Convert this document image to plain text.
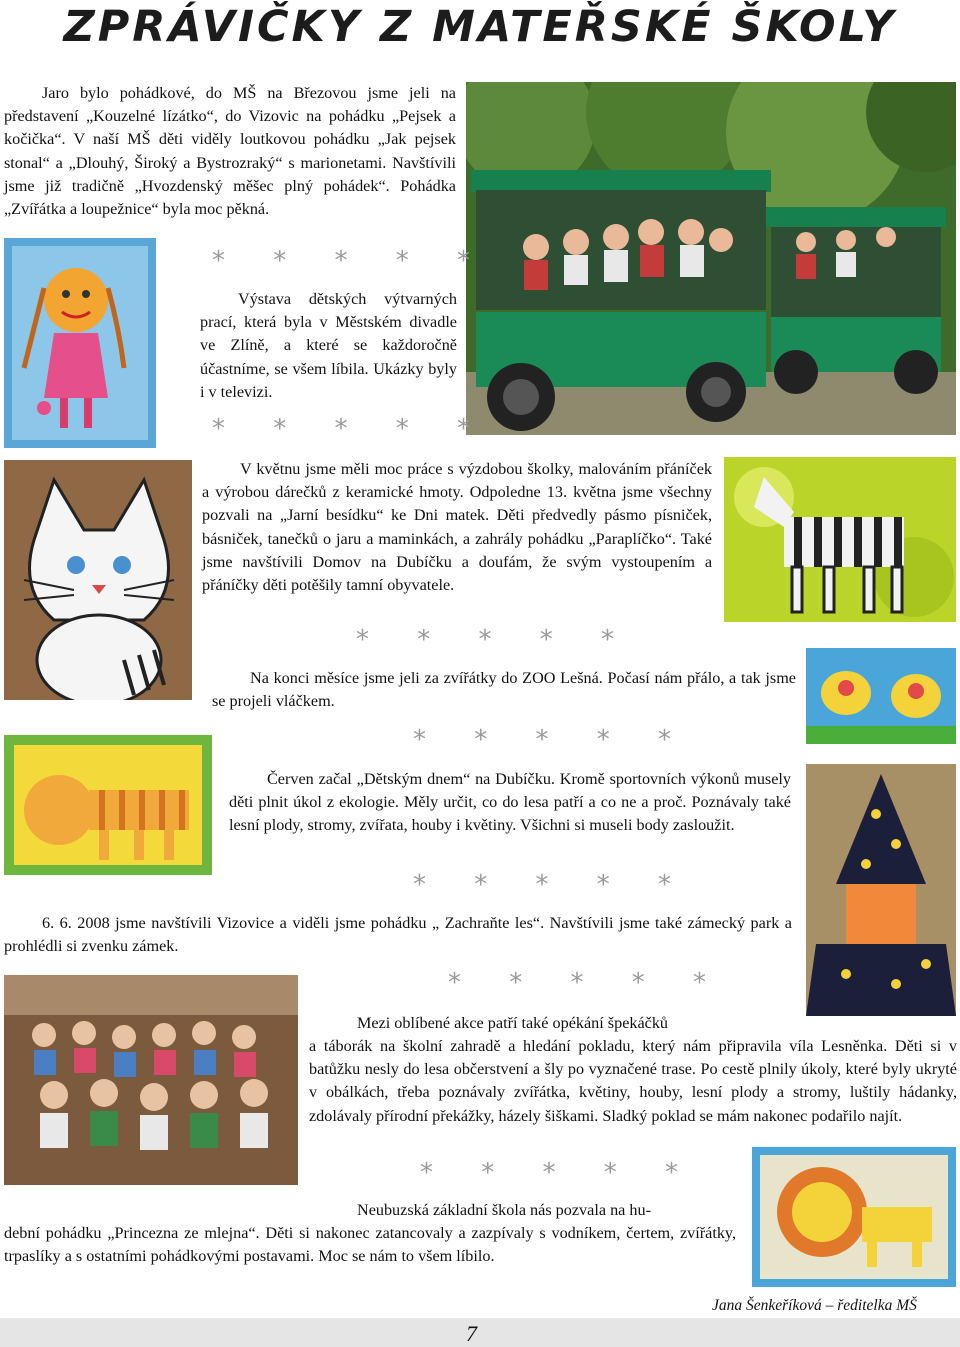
ZPRÁVIČKY Z MATEŘSKÉ ŠKOLY

Jaro bylo pohádkové, do MŠ na Březovou jsme jeli na představení „Kouzelné lízátko“, do Vizovic na pohádku „Pejsek a kočička“. V naší MŠ děti viděly loutkovou pohádku „Jak pejsek stonal“ a „Dlouhý, Široký a Bystrozraký“ s marionetami. Navštívili jsme již tradičně „Hvozdenský měšec plný pohádek“. Pohádka „Zvířátka a loupežnice“ byla moc pěkná.

* * * * *

Výstava dětských výtvarných prací, která byla v Městském divadle ve Zlíně, a které se každoročně účastníme, se všem líbila. Ukázky byly i v televizi.

* * * * *

V květnu jsme měli moc práce s výzdobou školky, malováním přáníček a výrobou dárečků z keramické hmoty. Odpoledne 13. května jsme všechny pozvali na „Jarní besídku“ ke Dni matek. Děti předvedly pásmo písniček, básniček, tanečků o jaru a maminkách, a zahrály pohádku „Paraplíčko“. Také jsme navštívili Domov na Dubíčku a doufám, že svým vystoupením a přáníčky děti potěšily tamní obyvatele.

* * * * *

Na konci měsíce jsme jeli za zvířátky do ZOO Lešná. Počasí nám přálo, a tak jsme se projeli vláčkem.

* * * * *

Červen začal „Dětským dnem“ na Dubíčku. Kromě sportovních výkonů musely děti plnit úkol z ekologie. Měly určit, co do lesa patří a co ne a proč. Poznávaly také lesní plody, stromy, zvířata, houby i květiny. Všichni si museli body zasloužit.

* * * * *

6. 6. 2008 jsme navštívili Vizovice a viděli jsme pohádku „ Zachraňte les“. Navštívili jsme také zámecký park a prohlédli si zvenku zámek.

* * * * *

Mezi oblíbené akce patří také opékání špekáčků

a táborák na školní zahradě a hledání pokladu, který nám připravila víla Lesněnka. Děti si v batůžku nesly do lesa občerstvení a šly po vyznačené trase. Po cestě plnily úkoly, které byly ukryté v obálkách, třeba poznávaly zvířátka, květiny, houby, lesní plody a stromy, luštily hádanky, zdolávaly přírodní překážky, házely šiškami. Sladký poklad se mám nakonec podařilo najít.

* * * * *

Neubuzská základní škola nás pozvala na hu-

dební pohádku „Princezna ze mlejna“. Děti si nakonec zatancovaly a zazpívaly s vodníkem, čertem, zvířátky, trpaslíky a s ostatními pohádkovými postavami. Moc se nám to všem líbilo.

Jana Šenkeříková – ředitelka MŠ
7
